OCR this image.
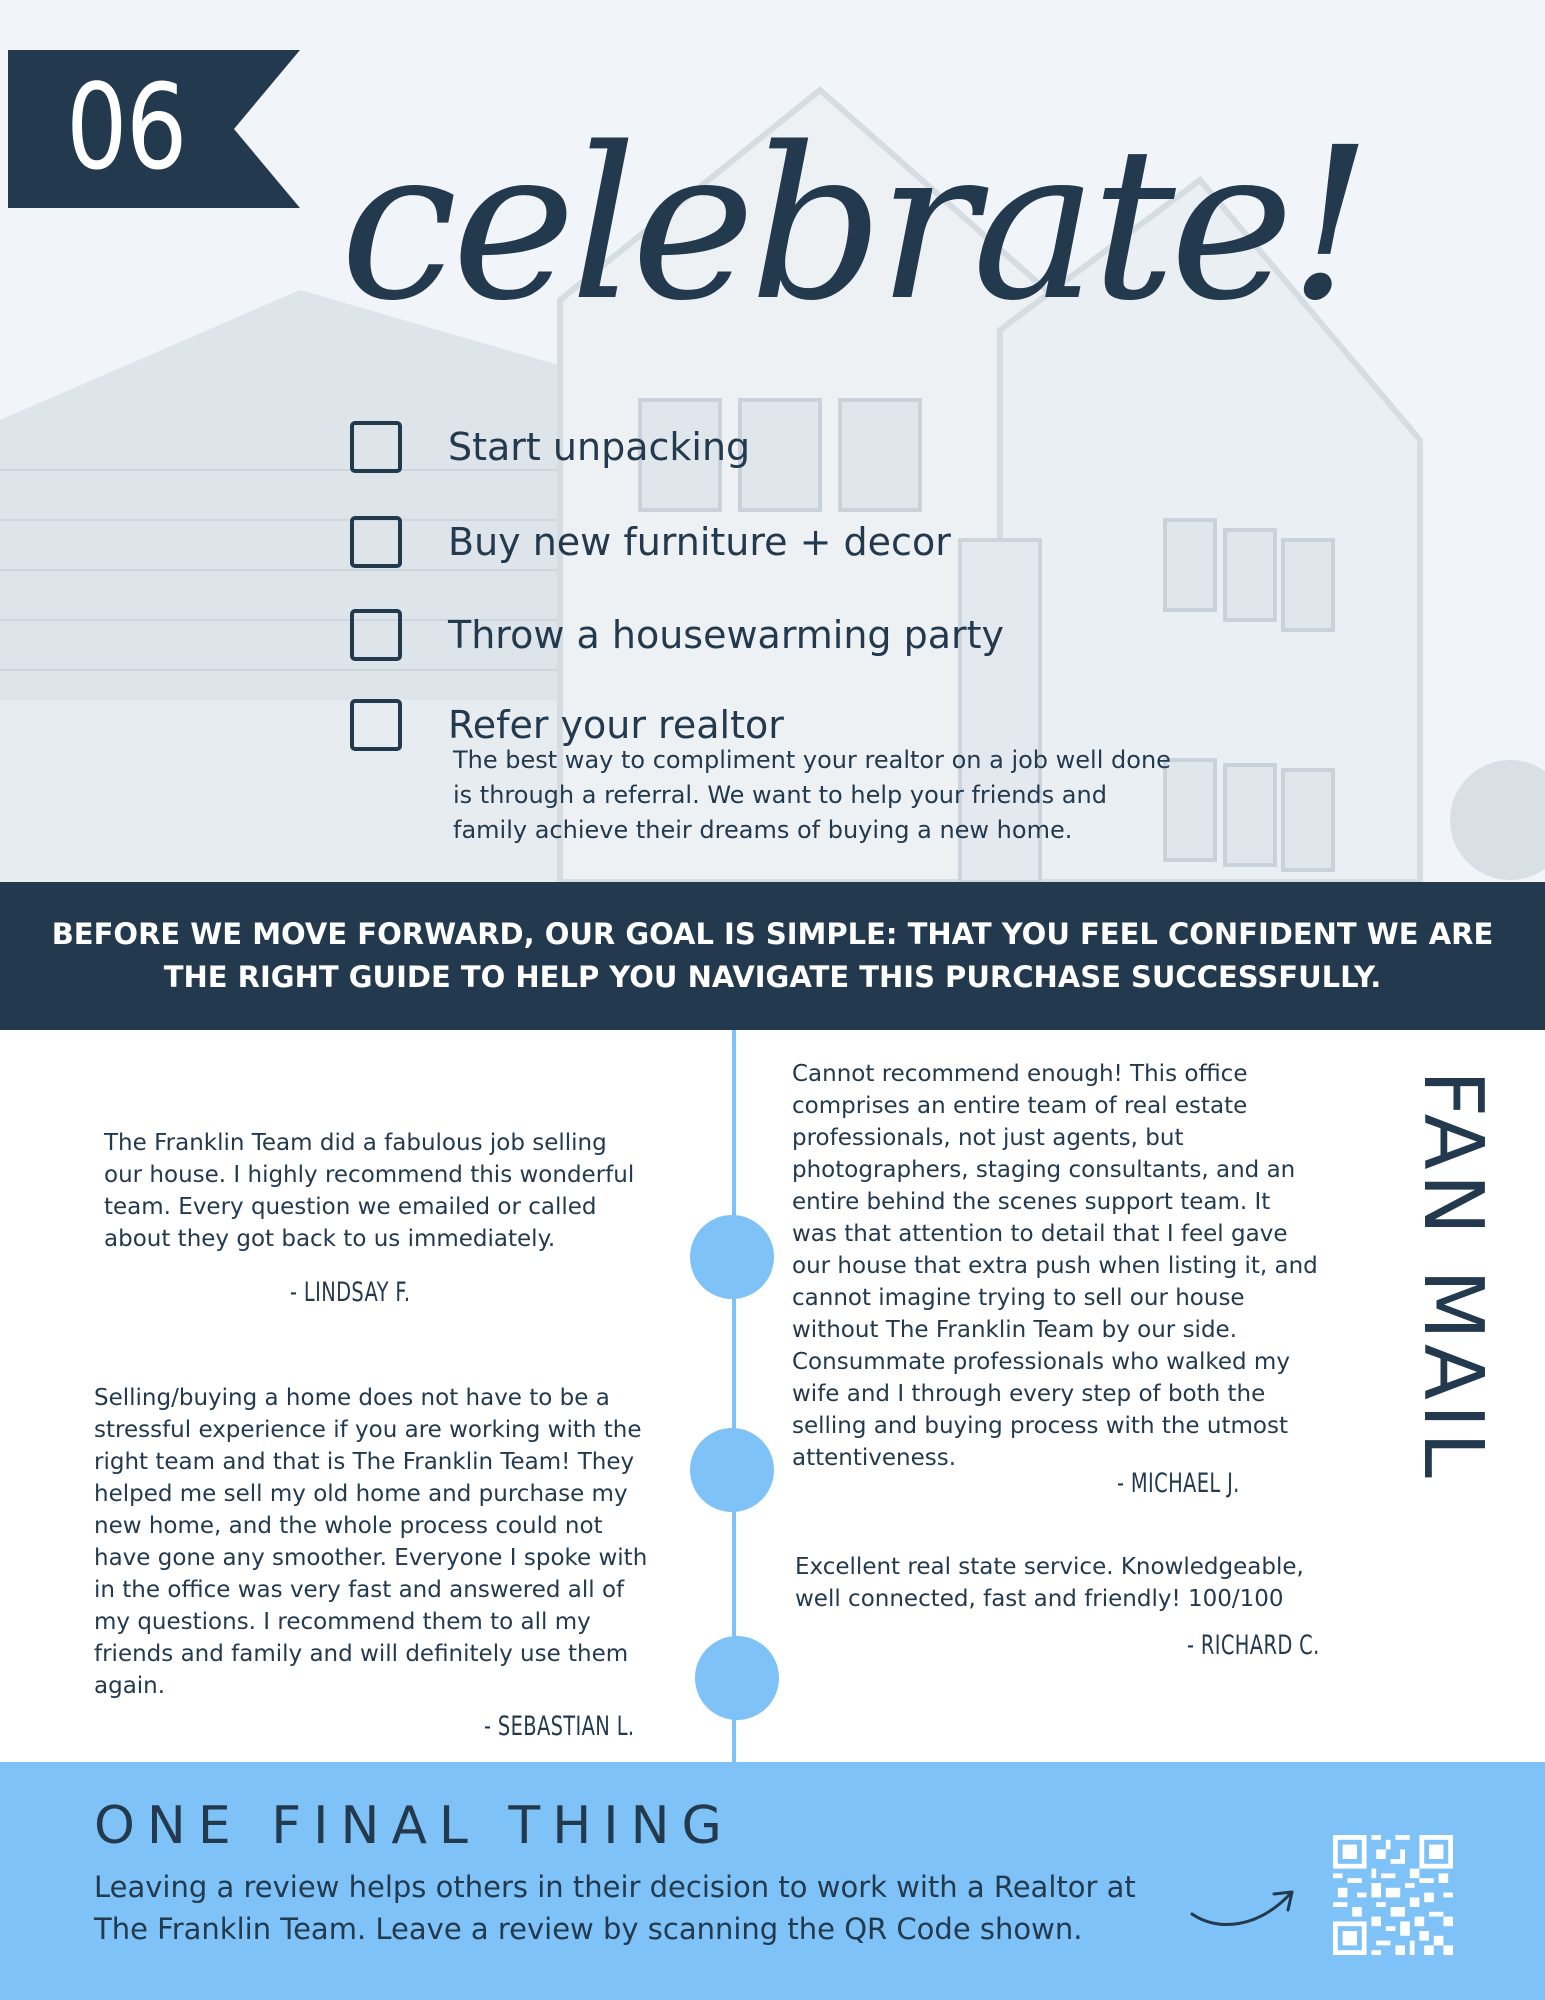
06 celebrate!
Start unpacking
Buy new furniture + decor
Throw a housewarming party
Refer your realtor
The best way to compliment your realtor on a job well done is through a referral. We want to help your friends and family achieve their dreams of buying a new home.
BEFORE WE MOVE FORWARD, OUR GOAL IS SIMPLE: THAT YOU FEEL CONFIDENT WE ARE THE RIGHT GUIDE TO HELP YOU NAVIGATE THIS PURCHASE SUCCESSFULLY.
The Franklin Team did a fabulous job selling our house. I highly recommend this wonderful team. Every question we emailed or called about they got back to us immediately.
- LINDSAY F.
Selling/buying a home does not have to be a stressful experience if you are working with the right team and that is The Franklin Team! They helped me sell my old home and purchase my new home, and the whole process could not have gone any smoother. Everyone I spoke with in the office was very fast and answered all of my questions. I recommend them to all my friends and family and will definitely use them again.
- SEBASTIAN L.
Cannot recommend enough! This office comprises an entire team of real estate professionals, not just agents, but photographers, staging consultants, and an entire behind the scenes support team. It was that attention to detail that I feel gave our house that extra push when listing it, and cannot imagine trying to sell our house without The Franklin Team by our side. Consummate professionals who walked my wife and I through every step of both the selling and buying process with the utmost attentiveness.
- MICHAEL J.
Excellent real state service. Knowledgeable, well connected, fast and friendly! 100/100
- RICHARD C.
FAN MAIL
ONE FINAL THING
Leaving a review helps others in their decision to work with a Realtor at The Franklin Team. Leave a review by scanning the QR Code shown.
